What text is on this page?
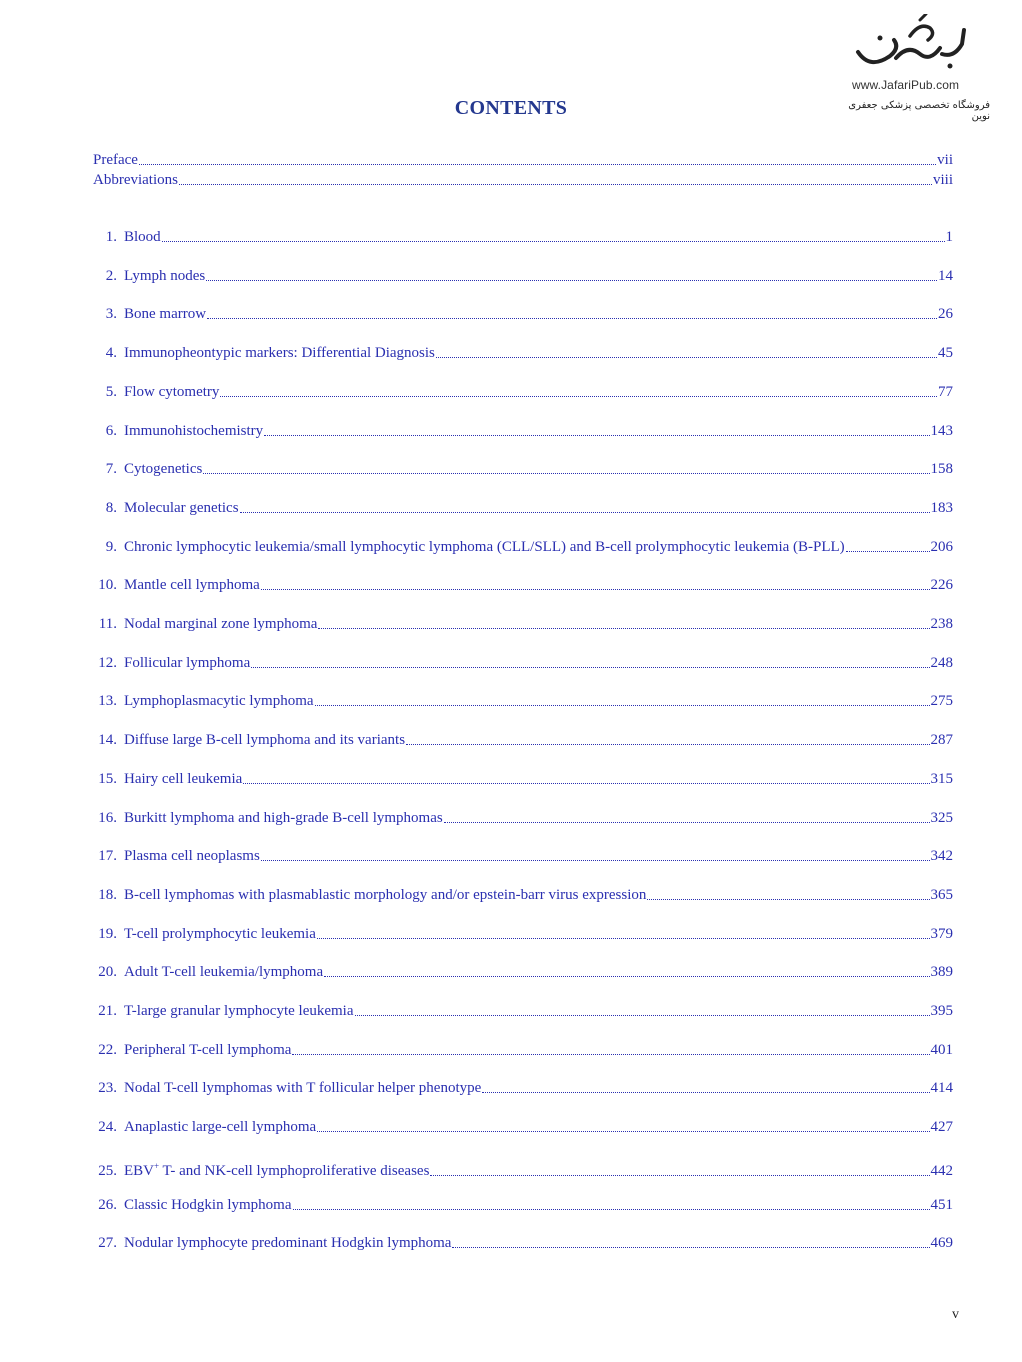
www.JafariPub.com
فروشگاه تخصصی پزشکی جعفری نوین
CONTENTS
Preface	vii
Abbreviations	viii
1. Blood	1
2. Lymph nodes	14
3. Bone marrow	26
4. Immunopheontypic markers: Differential Diagnosis	45
5. Flow cytometry	77
6. Immunohistochemistry	143
7. Cytogenetics	158
8. Molecular genetics	183
9. Chronic lymphocytic leukemia/small lymphocytic lymphoma (CLL/SLL) and B-cell prolymphocytic leukemia (B-PLL)	206
10. Mantle cell lymphoma	226
11. Nodal marginal zone lymphoma	238
12. Follicular lymphoma	248
13. Lymphoplasmacytic lymphoma	275
14. Diffuse large B-cell lymphoma and its variants	287
15. Hairy cell leukemia	315
16. Burkitt lymphoma and high-grade B-cell lymphomas	325
17. Plasma cell neoplasms	342
18. B-cell lymphomas with plasmablastic morphology and/or epstein-barr virus expression	365
19. T-cell prolymphocytic leukemia	379
20. Adult T-cell leukemia/lymphoma	389
21. T-large granular lymphocyte leukemia	395
22. Peripheral T-cell lymphoma	401
23. Nodal T-cell lymphomas with T follicular helper phenotype	414
24. Anaplastic large-cell lymphoma	427
25. EBV+ T- and NK-cell lymphoproliferative diseases	442
26. Classic Hodgkin lymphoma	451
27. Nodular lymphocyte predominant Hodgkin lymphoma	469
v
